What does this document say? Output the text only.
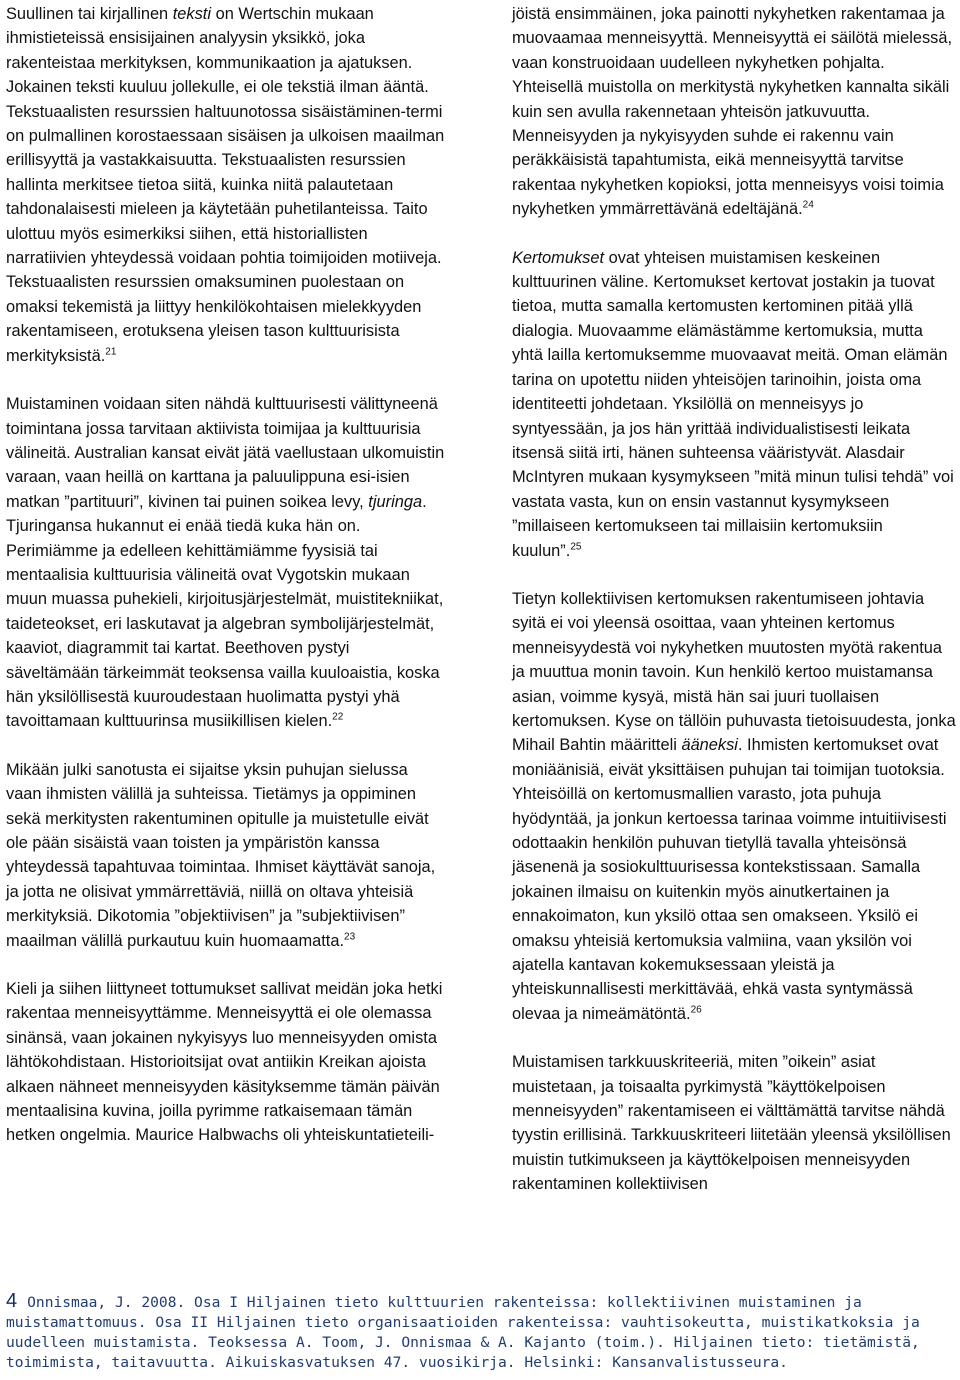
Suullinen tai kirjallinen teksti on Wertschin mukaan ihmistieteissä ensisijainen analyysin yksikkö, joka rakenteistaa merkityksen, kommunikaation ja ajatuksen. Jokainen teksti kuuluu jollekulle, ei ole tekstiä ilman ääntä. Tekstuaalisten resurssien haltuunotossa sisäistäminen-termi on pulmallinen korostaessaan sisäisen ja ulkoisen maailman erillisyyttä ja vastakkaisuutta. Tekstuaalisten resurssien hallinta merkitsee tietoa siitä, kuinka niitä palautetaan tahdonalaisesti mieleen ja käytetään puhetilanteissa. Taito ulottuu myös esimerkiksi siihen, että historiallisten narratiivien yhteydessä voidaan pohtia toimijoiden motiiveja. Tekstuaalisten resurssien omaksuminen puolestaan on omaksi tekemistä ja liittyy henkilökohtaisen mielekkyyden rakentamiseen, erotuksena yleisen tason kulttuurisista merkityksistä.$^{21}$

Muistaminen voidaan siten nähdä kulttuurisesti välittyneenä toimintana jossa tarvitaan aktiivista toimijaa ja kulttuurisia välineitä. Australian kansat eivät jätä vaellustaan ulkomuistin varaan, vaan heillä on karttana ja paluulippuna esi-isien matkan ”partituuri”, kivinen tai puinen soikea levy, tjuringa. Tjuringansa hukannut ei enää tiedä kuka hän on. Perimiämme ja edelleen kehittämiämme fyysisiä tai mentaalisia kulttuurisia välineitä ovat Vygotskin mukaan muun muassa puhekieli, kirjoitusjärjestelmät, muistitekniikat, taideteokset, eri laskutavat ja algebran symbolijärjestelmät, kaaviot, diagrammit tai kartat. Beethoven pystyi säveltämään tärkeimmät teoksensa vailla kuuloaistia, koska hän yksilöllisestä kuuroudestaan huolimatta pystyi yhä tavoittamaan kulttuurinsa musiikillisen kielen.$^{22}$

Mikään julki sanotusta ei sijaitse yksin puhujan sielussa vaan ihmisten välillä ja suhteissa. Tietämys ja oppiminen sekä merkitysten rakentuminen opitulle ja muistetulle eivät ole pään sisäistä vaan toisten ja ympäristön kanssa yhteydessä tapahtuvaa toimintaa. Ihmiset käyttävät sanoja, ja jotta ne olisivat ymmärrettäviä, niillä on oltava yhteisiä merkityksiä. Dikotomia ”objektiivisen” ja ”subjektiivisen” maailman välillä purkautuu kuin huomaamatta.$^{23}$

Kieli ja siihen liittyneet tottumukset sallivat meidän joka hetki rakentaa menneisyyttämme. Menneisyyttä ei ole olemassa sinänsä, vaan jokainen nykyisyys luo menneisyyden omista lähtökohdistaan. Historioitsijat ovat antiikin Kreikan ajoista alkaen nähneet menneisyyden käsityksemme tämän päivän mentaalisina kuvina, joilla pyrimme ratkaisemaan tämän hetken ongelmia. Maurice Halbwachs oli yhteiskuntatieteili-

jöistä ensimmäinen, joka painotti nykyhetken rakentamaa ja muovaamaa menneisyyttä. Menneisyyttä ei säilötä mielessä, vaan konstruoidaan uudelleen nykyhetken pohjalta. Yhteisellä muistolla on merkitystä nykyhetken kannalta sikäli kuin sen avulla rakennetaan yhteisön jatkuvuutta. Menneisyyden ja nykyisyyden suhde ei rakennu vain peräkkäisistä tapahtumista, eikä menneisyyttä tarvitse rakentaa nykyhetken kopioksi, jotta menneisyys voisi toimia nykyhetken ymmärrettävänä edeltäjänä.$^{24}$

Kertomukset ovat yhteisen muistamisen keskeinen kulttuurinen väline. Kertomukset kertovat jostakin ja tuovat tietoa, mutta samalla kertomusten kertominen pitää yllä dialogia. Muovaamme elämästämme kertomuksia, mutta yhtä lailla kertomuksemme muovaavat meitä. Oman elämän tarina on upotettu niiden yhteisöjen tarinoihin, joista oma identiteetti johdetaan. Yksilöllä on menneisyys jo syntyessään, ja jos hän yrittää individualistisesti leikata itsensä siitä irti, hänen suhteensa vääristyvät. Alasdair McIntyren mukaan kysymykseen ”mitä minun tulisi tehdä” voi vastata vasta, kun on ensin vastannut kysymykseen ”millaiseen kertomukseen tai millaisiin kertomuksiin kuulun”.$^{25}$

Tietyn kollektiivisen kertomuksen rakentumiseen johtavia syitä ei voi yleensä osoittaa, vaan yhteinen kertomus menneisyydestä voi nykyhetken muutosten myötä rakentua ja muuttua monin tavoin. Kun henkilö kertoo muistamansa asian, voimme kysyä, mistä hän sai juuri tuollaisen kertomuksen. Kyse on tällöin puhuvasta tietoisuudesta, jonka Mihail Bahtin määritteli ääneksi. Ihmisten kertomukset ovat moniäänisiä, eivät yksittäisen puhujan tai toimijan tuotoksia. Yhteisöillä on kertomusmallien varasto, jota puhuja hyödyntää, ja jonkun kertoessa tarinaa voimme intuitiivisesti odottaakin henkilön puhuvan tietyllä tavalla yhteisönsä jäsenenä ja sosiokulttuurisessa kontekstissaan. Samalla jokainen ilmaisu on kuitenkin myös ainutkertainen ja ennakoimaton, kun yksilö ottaa sen omakseen. Yksilö ei omaksu yhteisiä kertomuksia valmiina, vaan yksilön voi ajatella kantavan kokemuksessaan yleistä ja yhteiskunnallisesti merkittävää, ehkä vasta syntymässä olevaa ja nimeämätöntä.$^{26}$

Muistamisen tarkkuuskriteeriä, miten ”oikein” asiat muistetaan, ja toisaalta pyrkimystä ”käyttökelpoisen menneisyyden” rakentamiseen ei välttämättä tarvitse nähdä tyystin erillisinä. Tarkkuuskriteeri liitetään yleensä yksilöllisen muistin tutkimukseen ja käyttökelpoisen menneisyyden rakentaminen kollektiivisen

4 Onnismaa, J. 2008. Osa I Hiljainen tieto kulttuurien rakenteissa: kollektiivinen muistaminen ja muistamattomuus. Osa II Hiljainen tieto organisaatioiden rakenteissa: vauhtisokeutta, muistikatkoksia ja uudelleen muistamista. Teoksessa A. Toom, J. Onnismaa & A. Kajanto (toim.). Hiljainen tieto: tietämistä, toimimista, taitavuutta. Aikuiskasvatuksen 47. vuosikirja. Helsinki: Kansanvalistusseura.
